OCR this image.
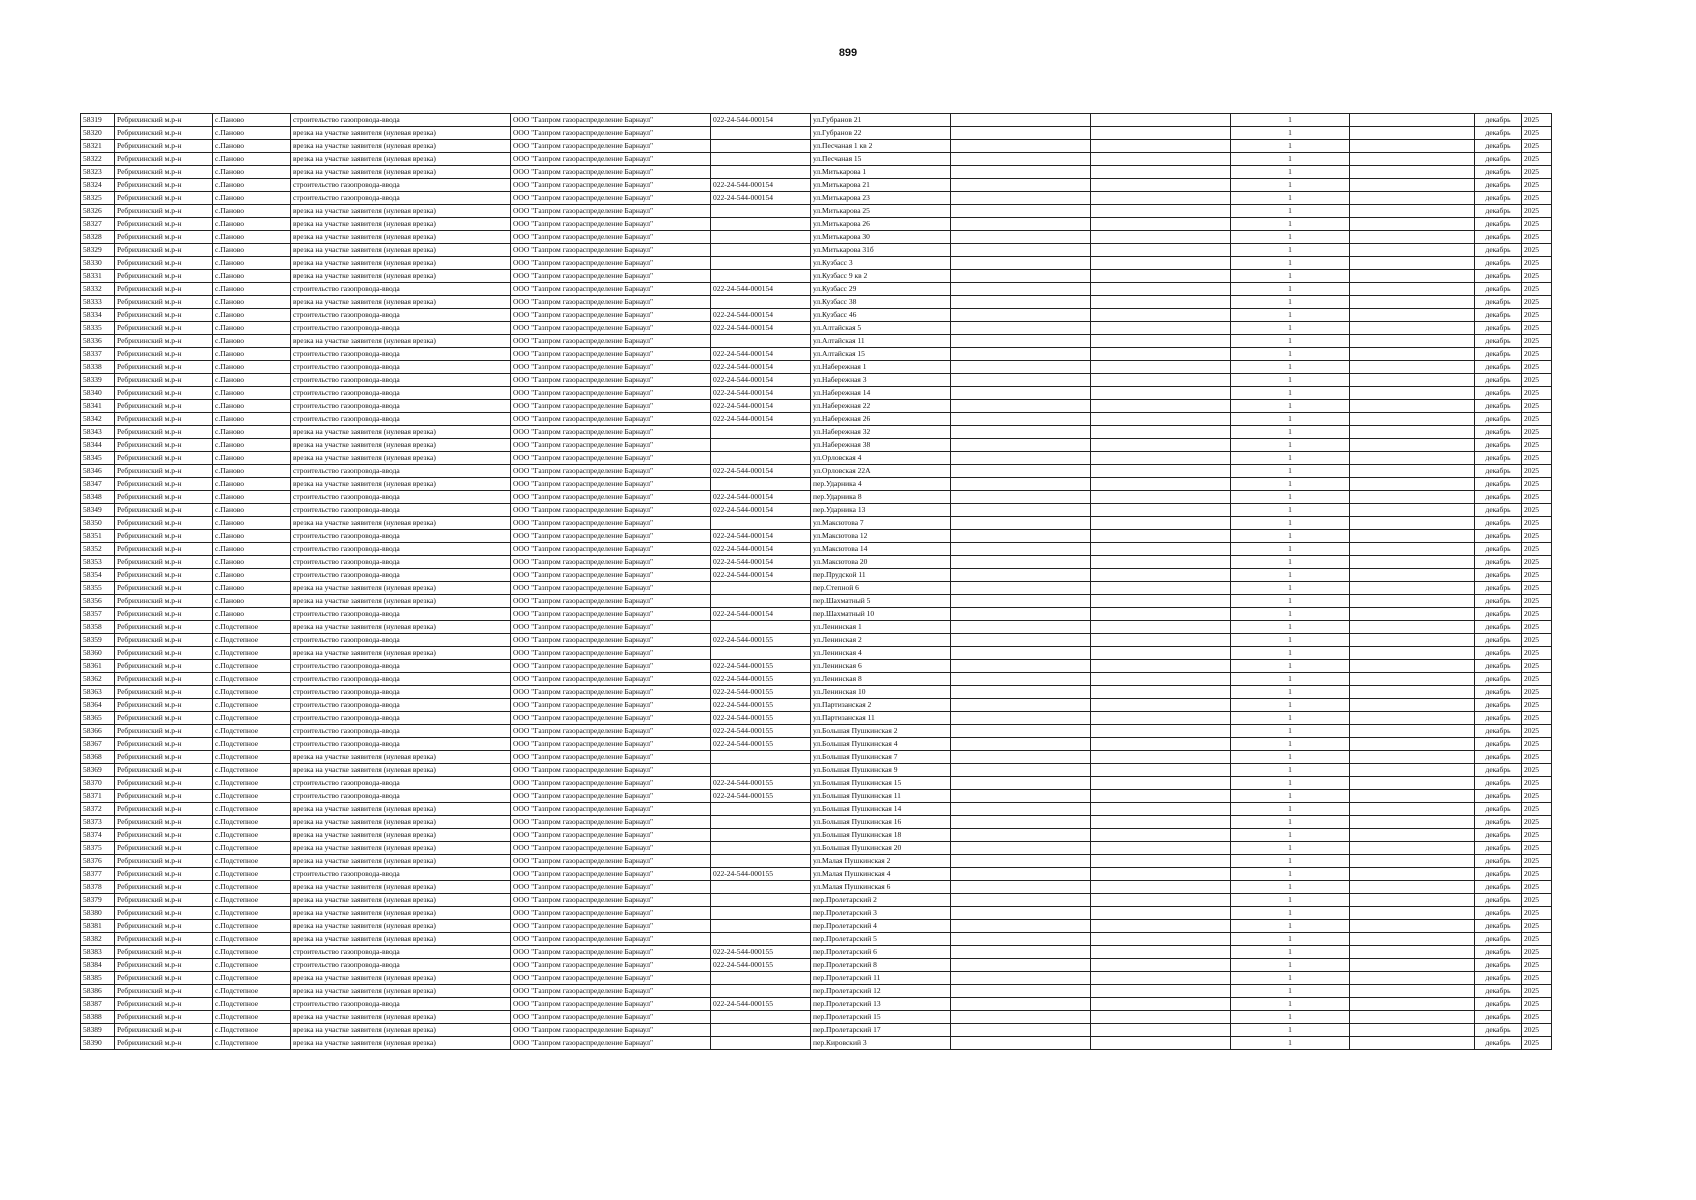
899
58319	Ребрихинский м.р-н	с.Паново	строительство газопровода-ввода	ООО "Газпром газораспределение Барнаул"	022-24-544-000154	ул.Губранов 21			1		декабрь	2025
58320	Ребрихинский м.р-н	с.Паново	врезка на участке заявителя (нулевая врезка)	ООО "Газпром газораспределение Барнаул"		ул.Губранов 22			1		декабрь	2025
58321	Ребрихинский м.р-н	с.Паново	врезка на участке заявителя (нулевая врезка)	ООО "Газпром газораспределение Барнаул"		ул.Песчаная 1 кв 2			1		декабрь	2025
58322	Ребрихинский м.р-н	с.Паново	врезка на участке заявителя (нулевая врезка)	ООО "Газпром газораспределение Барнаул"		ул.Песчаная 15			1		декабрь	2025
58323	Ребрихинский м.р-н	с.Паново	врезка на участке заявителя (нулевая врезка)	ООО "Газпром газораспределение Барнаул"		ул.Митькарова 1			1		декабрь	2025
58324	Ребрихинский м.р-н	с.Паново	строительство газопровода-ввода	ООО "Газпром газораспределение Барнаул"	022-24-544-000154	ул.Митькарова 21			1		декабрь	2025
58325	Ребрихинский м.р-н	с.Паново	строительство газопровода-ввода	ООО "Газпром газораспределение Барнаул"	022-24-544-000154	ул.Митькарова 23			1		декабрь	2025
58326	Ребрихинский м.р-н	с.Паново	врезка на участке заявителя (нулевая врезка)	ООО "Газпром газораспределение Барнаул"		ул.Митькарова 25			1		декабрь	2025
58327	Ребрихинский м.р-н	с.Паново	врезка на участке заявителя (нулевая врезка)	ООО "Газпром газораспределение Барнаул"		ул.Митькарова 26			1		декабрь	2025
58328	Ребрихинский м.р-н	с.Паново	врезка на участке заявителя (нулевая врезка)	ООО "Газпром газораспределение Барнаул"		ул.Митькарова 30			1		декабрь	2025
58329	Ребрихинский м.р-н	с.Паново	врезка на участке заявителя (нулевая врезка)	ООО "Газпром газораспределение Барнаул"		ул.Митькарова 31б			1		декабрь	2025
58330	Ребрихинский м.р-н	с.Паново	врезка на участке заявителя (нулевая врезка)	ООО "Газпром газораспределение Барнаул"		ул.Кузбасс 3			1		декабрь	2025
58331	Ребрихинский м.р-н	с.Паново	врезка на участке заявителя (нулевая врезка)	ООО "Газпром газораспределение Барнаул"		ул.Кузбасс 9 кв 2			1		декабрь	2025
58332	Ребрихинский м.р-н	с.Паново	строительство газопровода-ввода	ООО "Газпром газораспределение Барнаул"	022-24-544-000154	ул.Кузбасс 29			1		декабрь	2025
58333	Ребрихинский м.р-н	с.Паново	врезка на участке заявителя (нулевая врезка)	ООО "Газпром газораспределение Барнаул"		ул.Кузбасс 38			1		декабрь	2025
58334	Ребрихинский м.р-н	с.Паново	строительство газопровода-ввода	ООО "Газпром газораспределение Барнаул"	022-24-544-000154	ул.Кузбасс 46			1		декабрь	2025
58335	Ребрихинский м.р-н	с.Паново	строительство газопровода-ввода	ООО "Газпром газораспределение Барнаул"	022-24-544-000154	ул.Алтайская 5			1		декабрь	2025
58336	Ребрихинский м.р-н	с.Паново	врезка на участке заявителя (нулевая врезка)	ООО "Газпром газораспределение Барнаул"		ул.Алтайская 11			1		декабрь	2025
58337	Ребрихинский м.р-н	с.Паново	строительство газопровода-ввода	ООО "Газпром газораспределение Барнаул"	022-24-544-000154	ул.Алтайская 15			1		декабрь	2025
58338	Ребрихинский м.р-н	с.Паново	строительство газопровода-ввода	ООО "Газпром газораспределение Барнаул"	022-24-544-000154	ул.Набережная 1			1		декабрь	2025
58339	Ребрихинский м.р-н	с.Паново	строительство газопровода-ввода	ООО "Газпром газораспределение Барнаул"	022-24-544-000154	ул.Набережная 3			1		декабрь	2025
58340	Ребрихинский м.р-н	с.Паново	строительство газопровода-ввода	ООО "Газпром газораспределение Барнаул"	022-24-544-000154	ул.Набережная 14			1		декабрь	2025
58341	Ребрихинский м.р-н	с.Паново	строительство газопровода-ввода	ООО "Газпром газораспределение Барнаул"	022-24-544-000154	ул.Набережная 22			1		декабрь	2025
58342	Ребрихинский м.р-н	с.Паново	строительство газопровода-ввода	ООО "Газпром газораспределение Барнаул"	022-24-544-000154	ул.Набережная 26			1		декабрь	2025
58343	Ребрихинский м.р-н	с.Паново	врезка на участке заявителя (нулевая врезка)	ООО "Газпром газораспределение Барнаул"		ул.Набережная 32			1		декабрь	2025
58344	Ребрихинский м.р-н	с.Паново	врезка на участке заявителя (нулевая врезка)	ООО "Газпром газораспределение Барнаул"		ул.Набережная 38			1		декабрь	2025
58345	Ребрихинский м.р-н	с.Паново	врезка на участке заявителя (нулевая врезка)	ООО "Газпром газораспределение Барнаул"		ул.Орловская 4			1		декабрь	2025
58346	Ребрихинский м.р-н	с.Паново	строительство газопровода-ввода	ООО "Газпром газораспределение Барнаул"	022-24-544-000154	ул.Орловская 22А			1		декабрь	2025
58347	Ребрихинский м.р-н	с.Паново	врезка на участке заявителя (нулевая врезка)	ООО "Газпром газораспределение Барнаул"		пер.Ударника 4			1		декабрь	2025
58348	Ребрихинский м.р-н	с.Паново	строительство газопровода-ввода	ООО "Газпром газораспределение Барнаул"	022-24-544-000154	пер.Ударника 8			1		декабрь	2025
58349	Ребрихинский м.р-н	с.Паново	строительство газопровода-ввода	ООО "Газпром газораспределение Барнаул"	022-24-544-000154	пер.Ударника 13			1		декабрь	2025
58350	Ребрихинский м.р-н	с.Паново	врезка на участке заявителя (нулевая врезка)	ООО "Газпром газораспределение Барнаул"		ул.Максютова 7			1		декабрь	2025
58351	Ребрихинский м.р-н	с.Паново	строительство газопровода-ввода	ООО "Газпром газораспределение Барнаул"	022-24-544-000154	ул.Максютова 12			1		декабрь	2025
58352	Ребрихинский м.р-н	с.Паново	строительство газопровода-ввода	ООО "Газпром газораспределение Барнаул"	022-24-544-000154	ул.Максютова 14			1		декабрь	2025
58353	Ребрихинский м.р-н	с.Паново	строительство газопровода-ввода	ООО "Газпром газораспределение Барнаул"	022-24-544-000154	ул.Максютова 20			1		декабрь	2025
58354	Ребрихинский м.р-н	с.Паново	строительство газопровода-ввода	ООО "Газпром газораспределение Барнаул"	022-24-544-000154	пер.Прудской 11			1		декабрь	2025
58355	Ребрихинский м.р-н	с.Паново	врезка на участке заявителя (нулевая врезка)	ООО "Газпром газораспределение Барнаул"		пер.Степной 6			1		декабрь	2025
58356	Ребрихинский м.р-н	с.Паново	врезка на участке заявителя (нулевая врезка)	ООО "Газпром газораспределение Барнаул"		пер.Шахматный 5			1		декабрь	2025
58357	Ребрихинский м.р-н	с.Паново	строительство газопровода-ввода	ООО "Газпром газораспределение Барнаул"	022-24-544-000154	пер.Шахматный 10			1		декабрь	2025
58358	Ребрихинский м.р-н	с.Подстепное	врезка на участке заявителя (нулевая врезка)	ООО "Газпром газораспределение Барнаул"		ул.Ленинская 1			1		декабрь	2025
58359	Ребрихинский м.р-н	с.Подстепное	строительство газопровода-ввода	ООО "Газпром газораспределение Барнаул"	022-24-544-000155	ул.Ленинская 2			1		декабрь	2025
58360	Ребрихинский м.р-н	с.Подстепное	врезка на участке заявителя (нулевая врезка)	ООО "Газпром газораспределение Барнаул"		ул.Ленинская 4			1		декабрь	2025
58361	Ребрихинский м.р-н	с.Подстепное	строительство газопровода-ввода	ООО "Газпром газораспределение Барнаул"	022-24-544-000155	ул.Ленинская 6			1		декабрь	2025
58362	Ребрихинский м.р-н	с.Подстепное	строительство газопровода-ввода	ООО "Газпром газораспределение Барнаул"	022-24-544-000155	ул.Ленинская 8			1		декабрь	2025
58363	Ребрихинский м.р-н	с.Подстепное	строительство газопровода-ввода	ООО "Газпром газораспределение Барнаул"	022-24-544-000155	ул.Ленинская 10			1		декабрь	2025
58364	Ребрихинский м.р-н	с.Подстепное	строительство газопровода-ввода	ООО "Газпром газораспределение Барнаул"	022-24-544-000155	ул.Партизанская 2			1		декабрь	2025
58365	Ребрихинский м.р-н	с.Подстепное	строительство газопровода-ввода	ООО "Газпром газораспределение Барнаул"	022-24-544-000155	ул.Партизанская 11			1		декабрь	2025
58366	Ребрихинский м.р-н	с.Подстепное	строительство газопровода-ввода	ООО "Газпром газораспределение Барнаул"	022-24-544-000155	ул.Большая Пушкинская 2			1		декабрь	2025
58367	Ребрихинский м.р-н	с.Подстепное	строительство газопровода-ввода	ООО "Газпром газораспределение Барнаул"	022-24-544-000155	ул.Большая Пушкинская 4			1		декабрь	2025
58368	Ребрихинский м.р-н	с.Подстепное	врезка на участке заявителя (нулевая врезка)	ООО "Газпром газораспределение Барнаул"		ул.Большая Пушкинская 7			1		декабрь	2025
58369	Ребрихинский м.р-н	с.Подстепное	врезка на участке заявителя (нулевая врезка)	ООО "Газпром газораспределение Барнаул"		ул.Большая Пушкинская 9			1		декабрь	2025
58370	Ребрихинский м.р-н	с.Подстепное	строительство газопровода-ввода	ООО "Газпром газораспределение Барнаул"	022-24-544-000155	ул.Большая Пушкинская 15			1		декабрь	2025
58371	Ребрихинский м.р-н	с.Подстепное	строительство газопровода-ввода	ООО "Газпром газораспределение Барнаул"	022-24-544-000155	ул.Большая Пушкинская 11			1		декабрь	2025
58372	Ребрихинский м.р-н	с.Подстепное	врезка на участке заявителя (нулевая врезка)	ООО "Газпром газораспределение Барнаул"		ул.Большая Пушкинская 14			1		декабрь	2025
58373	Ребрихинский м.р-н	с.Подстепное	врезка на участке заявителя (нулевая врезка)	ООО "Газпром газораспределение Барнаул"		ул.Большая Пушкинская 16			1		декабрь	2025
58374	Ребрихинский м.р-н	с.Подстепное	врезка на участке заявителя (нулевая врезка)	ООО "Газпром газораспределение Барнаул"		ул.Большая Пушкинская 18			1		декабрь	2025
58375	Ребрихинский м.р-н	с.Подстепное	врезка на участке заявителя (нулевая врезка)	ООО "Газпром газораспределение Барнаул"		ул.Большая Пушкинская 20			1		декабрь	2025
58376	Ребрихинский м.р-н	с.Подстепное	врезка на участке заявителя (нулевая врезка)	ООО "Газпром газораспределение Барнаул"		ул.Малая Пушкинская 2			1		декабрь	2025
58377	Ребрихинский м.р-н	с.Подстепное	строительство газопровода-ввода	ООО "Газпром газораспределение Барнаул"	022-24-544-000155	ул.Малая Пушкинская 4			1		декабрь	2025
58378	Ребрихинский м.р-н	с.Подстепное	врезка на участке заявителя (нулевая врезка)	ООО "Газпром газораспределение Барнаул"		ул.Малая Пушкинская 6			1		декабрь	2025
58379	Ребрихинский м.р-н	с.Подстепное	врезка на участке заявителя (нулевая врезка)	ООО "Газпром газораспределение Барнаул"		пер.Пролетарский 2			1		декабрь	2025
58380	Ребрихинский м.р-н	с.Подстепное	врезка на участке заявителя (нулевая врезка)	ООО "Газпром газораспределение Барнаул"		пер.Пролетарский 3			1		декабрь	2025
58381	Ребрихинский м.р-н	с.Подстепное	врезка на участке заявителя (нулевая врезка)	ООО "Газпром газораспределение Барнаул"		пер.Пролетарский 4			1		декабрь	2025
58382	Ребрихинский м.р-н	с.Подстепное	врезка на участке заявителя (нулевая врезка)	ООО "Газпром газораспределение Барнаул"		пер.Пролетарский 5			1		декабрь	2025
58383	Ребрихинский м.р-н	с.Подстепное	строительство газопровода-ввода	ООО "Газпром газораспределение Барнаул"	022-24-544-000155	пер.Пролетарский 6			1		декабрь	2025
58384	Ребрихинский м.р-н	с.Подстепное	строительство газопровода-ввода	ООО "Газпром газораспределение Барнаул"	022-24-544-000155	пер.Пролетарский 8			1		декабрь	2025
58385	Ребрихинский м.р-н	с.Подстепное	врезка на участке заявителя (нулевая врезка)	ООО "Газпром газораспределение Барнаул"		пер.Пролетарский 11			1		декабрь	2025
58386	Ребрихинский м.р-н	с.Подстепное	врезка на участке заявителя (нулевая врезка)	ООО "Газпром газораспределение Барнаул"		пер.Пролетарский 12			1		декабрь	2025
58387	Ребрихинский м.р-н	с.Подстепное	строительство газопровода-ввода	ООО "Газпром газораспределение Барнаул"	022-24-544-000155	пер.Пролетарский 13			1		декабрь	2025
58388	Ребрихинский м.р-н	с.Подстепное	врезка на участке заявителя (нулевая врезка)	ООО "Газпром газораспределение Барнаул"		пер.Пролетарский 15			1		декабрь	2025
58389	Ребрихинский м.р-н	с.Подстепное	врезка на участке заявителя (нулевая врезка)	ООО "Газпром газораспределение Барнаул"		пер.Пролетарский 17			1		декабрь	2025
58390	Ребрихинский м.р-н	с.Подстепное	врезка на участке заявителя (нулевая врезка)	ООО "Газпром газораспределение Барнаул"		пер.Кировский 3			1		декабрь	2025
